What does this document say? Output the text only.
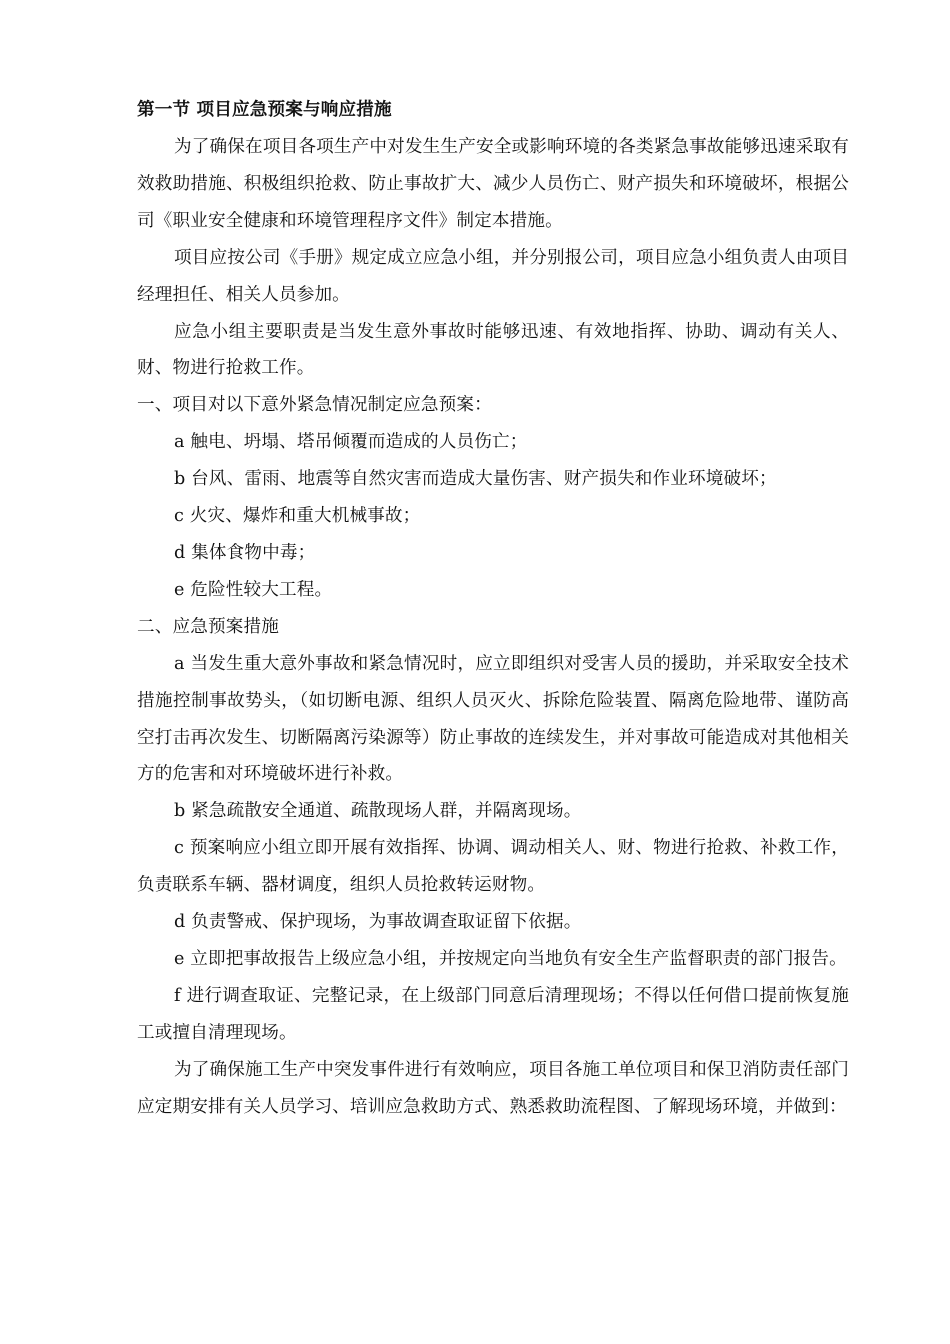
第一节 项目应急预案与响应措施

为了确保在项目各项生产中对发生生产安全或影响环境的各类紧急事故能够迅速采取有效救助措施、积极组织抢救、防止事故扩大、减少人员伤亡、财产损失和环境破坏，根据公司《职业安全健康和环境管理程序文件》制定本措施。

项目应按公司《手册》规定成立应急小组，并分别报公司，项目应急小组负责人由项目经理担任、相关人员参加。

应急小组主要职责是当发生意外事故时能够迅速、有效地指挥、协助、调动有关人、财、物进行抢救工作。

一、项目对以下意外紧急情况制定应急预案：

a 触电、坍塌、塔吊倾覆而造成的人员伤亡；

b 台风、雷雨、地震等自然灾害而造成大量伤害、财产损失和作业环境破坏；

c 火灾、爆炸和重大机械事故；

d 集体食物中毒；

e 危险性较大工程。

二、应急预案措施

a 当发生重大意外事故和紧急情况时，应立即组织对受害人员的援助，并采取安全技术措施控制事故势头，（如切断电源、组织人员灭火、拆除危险装置、隔离危险地带、谨防高空打击再次发生、切断隔离污染源等）防止事故的连续发生，并对事故可能造成对其他相关方的危害和对环境破坏进行补救。

b 紧急疏散安全通道、疏散现场人群，并隔离现场。

c 预案响应小组立即开展有效指挥、协调、调动相关人、财、物进行抢救、补救工作，负责联系车辆、器材调度，组织人员抢救转运财物。

d 负责警戒、保护现场，为事故调查取证留下依据。

e 立即把事故报告上级应急小组，并按规定向当地负有安全生产监督职责的部门报告。

f 进行调查取证、完整记录，在上级部门同意后清理现场；不得以任何借口提前恢复施工或擅自清理现场。

为了确保施工生产中突发事件进行有效响应，项目各施工单位项目和保卫消防责任部门应定期安排有关人员学习、培训应急救助方式、熟悉救助流程图、了解现场环境，并做到：
